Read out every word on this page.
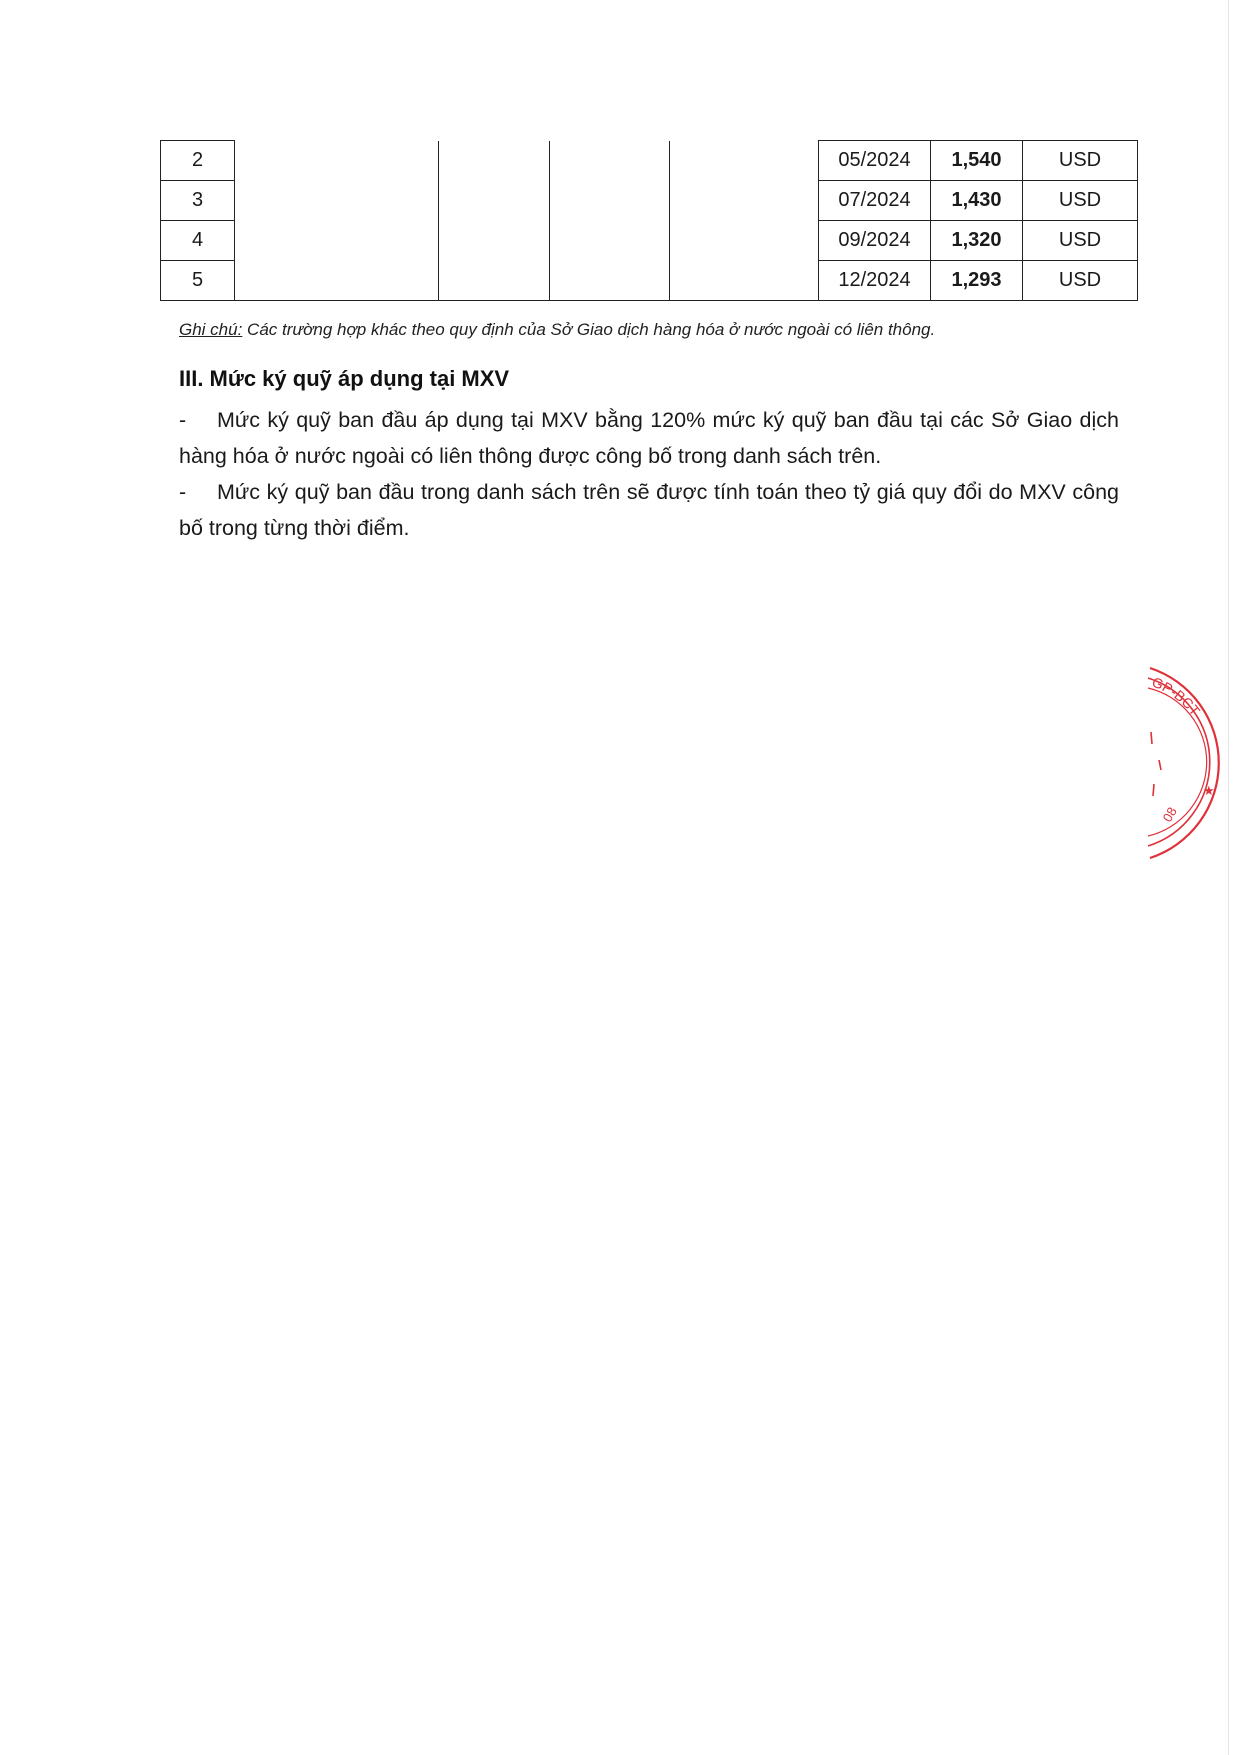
2					05/2024	1,540	USD
3					07/2024	1,430	USD
4					09/2024	1,320	USD
5					12/2024	1,293	USD
Ghi chú: Các trường hợp khác theo quy định của Sở Giao dịch hàng hóa ở nước ngoài có liên thông.
III. Mức ký quỹ áp dụng tại MXV
- Mức ký quỹ ban đầu áp dụng tại MXV bằng 120% mức ký quỹ ban đầu tại các Sở Giao dịch hàng hóa ở nước ngoài có liên thông được công bố trong danh sách trên.
- Mức ký quỹ ban đầu trong danh sách trên sẽ được tính toán theo tỷ giá quy đổi do MXV công bố trong từng thời điểm.
GP-BCT
08
★
